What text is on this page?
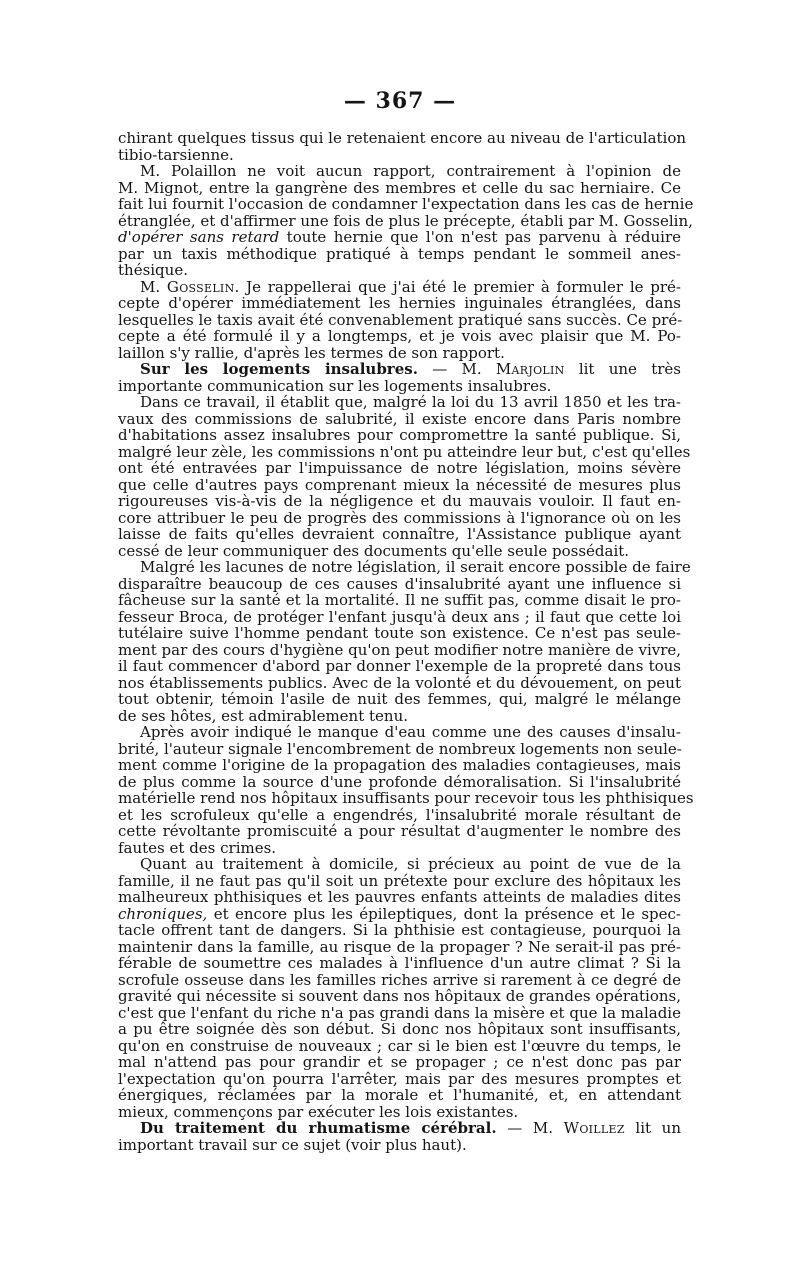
— 367 —
chirant quelques tissus qui le retenaient encore au niveau de l'articulation
tibio-tarsienne.
M. Polaillon ne voit aucun rapport, contrairement à l'opinion de
M. Mignot, entre la gangrène des membres et celle du sac herniaire. Ce
fait lui fournit l'occasion de condamner l'expectation dans les cas de hernie
étranglée, et d'affirmer une fois de plus le précepte, établi par M. Gosselin,
d'opérer sans retard toute hernie que l'on n'est pas parvenu à réduire
par un taxis méthodique pratiqué à temps pendant le sommeil anes-
thésique.
M. Gosselin. Je rappellerai que j'ai été le premier à formuler le pré-
cepte d'opérer immédiatement les hernies inguinales étranglées, dans
lesquelles le taxis avait été convenablement pratiqué sans succès. Ce pré-
cepte a été formulé il y a longtemps, et je vois avec plaisir que M. Po-
laillon s'y rallie, d'après les termes de son rapport.
Sur les logements insalubres. — M. Marjolin lit une très
importante communication sur les logements insalubres.
Dans ce travail, il établit que, malgré la loi du 13 avril 1850 et les tra-
vaux des commissions de salubrité, il existe encore dans Paris nombre
d'habitations assez insalubres pour compromettre la santé publique. Si,
malgré leur zèle, les commissions n'ont pu atteindre leur but, c'est qu'elles
ont été entravées par l'impuissance de notre législation, moins sévère
que celle d'autres pays comprenant mieux la nécessité de mesures plus
rigoureuses vis-à-vis de la négligence et du mauvais vouloir. Il faut en-
core attribuer le peu de progrès des commissions à l'ignorance où on les
laisse de faits qu'elles devraient connaître, l'Assistance publique ayant
cessé de leur communiquer des documents qu'elle seule possédait.
Malgré les lacunes de notre législation, il serait encore possible de faire
disparaître beaucoup de ces causes d'insalubrité ayant une influence si
fâcheuse sur la santé et la mortalité. Il ne suffit pas, comme disait le pro-
fesseur Broca, de protéger l'enfant jusqu'à deux ans ; il faut que cette loi
tutélaire suive l'homme pendant toute son existence. Ce n'est pas seule-
ment par des cours d'hygiène qu'on peut modifier notre manière de vivre,
il faut commencer d'abord par donner l'exemple de la propreté dans tous
nos établissements publics. Avec de la volonté et du dévouement, on peut
tout obtenir, témoin l'asile de nuit des femmes, qui, malgré le mélange
de ses hôtes, est admirablement tenu.
Après avoir indiqué le manque d'eau comme une des causes d'insalu-
brité, l'auteur signale l'encombrement de nombreux logements non seule-
ment comme l'origine de la propagation des maladies contagieuses, mais
de plus comme la source d'une profonde démoralisation. Si l'insalubrité
matérielle rend nos hôpitaux insuffisants pour recevoir tous les phthisiques
et les scrofuleux qu'elle a engendrés, l'insalubrité morale résultant de
cette révoltante promiscuité a pour résultat d'augmenter le nombre des
fautes et des crimes.
Quant au traitement à domicile, si précieux au point de vue de la
famille, il ne faut pas qu'il soit un prétexte pour exclure des hôpitaux les
malheureux phthisiques et les pauvres enfants atteints de maladies dites
chroniques, et encore plus les épileptiques, dont la présence et le spec-
tacle offrent tant de dangers. Si la phthisie est contagieuse, pourquoi la
maintenir dans la famille, au risque de la propager ? Ne serait-il pas pré-
férable de soumettre ces malades à l'influence d'un autre climat ? Si la
scrofule osseuse dans les familles riches arrive si rarement à ce degré de
gravité qui nécessite si souvent dans nos hôpitaux de grandes opérations,
c'est que l'enfant du riche n'a pas grandi dans la misère et que la maladie
a pu être soignée dès son début. Si donc nos hôpitaux sont insuffisants,
qu'on en construise de nouveaux ; car si le bien est l'œuvre du temps, le
mal n'attend pas pour grandir et se propager ; ce n'est donc pas par
l'expectation qu'on pourra l'arrêter, mais par des mesures promptes et
énergiques, réclamées par la morale et l'humanité, et, en attendant
mieux, commençons par exécuter les lois existantes.
Du traitement du rhumatisme cérébral. — M. Woillez lit un
important travail sur ce sujet (voir plus haut).
